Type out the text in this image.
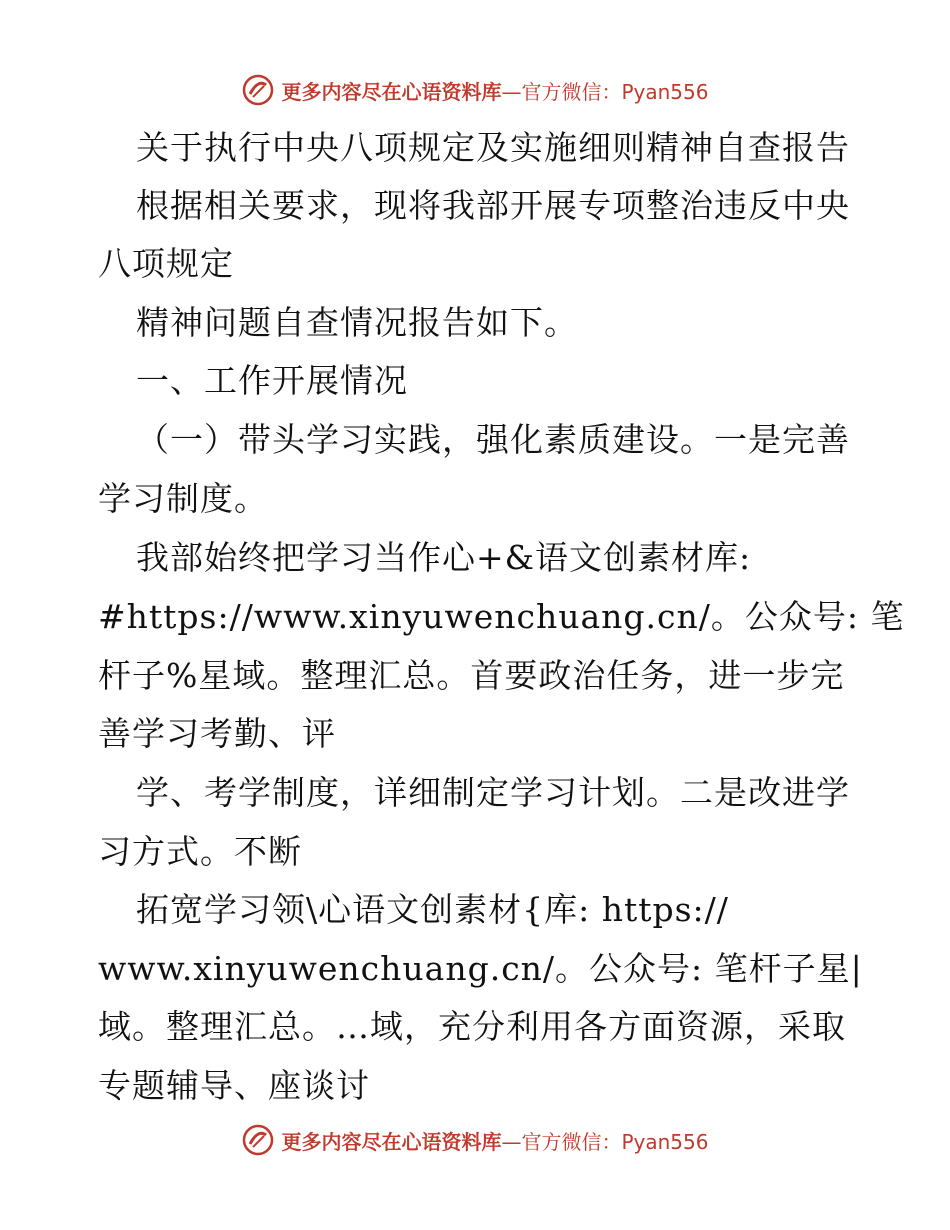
更多内容尽在心语资料库—官方微信：Pyan556
关于执行中央八项规定及实施细则精神自查报告
根据相关要求，现将我部开展专项整治违反中央
八项规定
精神问题自查情况报告如下。
一、工作开展情况
（一）带头学习实践，强化素质建设。一是完善
学习制度。
我部始终把学习当作心+&语文创素材库:
#https://www.xinyuwenchuang.cn/。公众号: 笔
杆子%星域。整理汇总。首要政治任务，进一步完
善学习考勤、评
学、考学制度，详细制定学习计划。二是改进学
习方式。不断
拓宽学习领\心语文创素材{库: https://
www.xinyuwenchuang.cn/。公众号: 笔杆子星|
域。整理汇总。…域，充分利用各方面资源，采取
专题辅导、座谈讨
更多内容尽在心语资料库—官方微信：Pyan556
